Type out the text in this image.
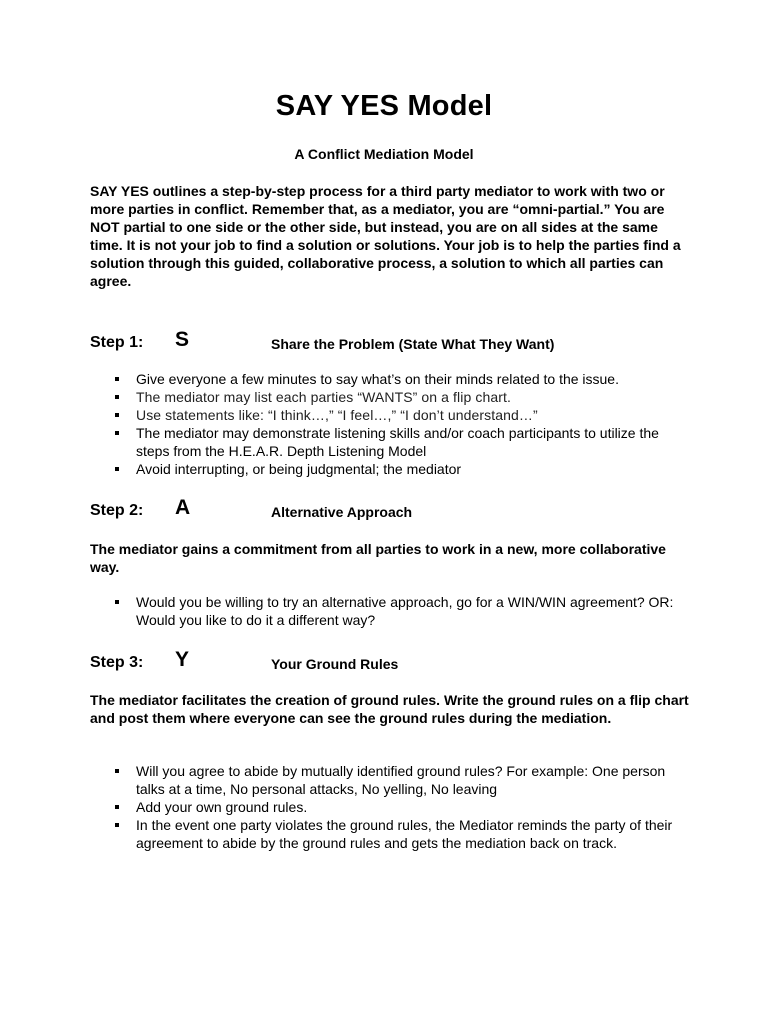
SAY YES Model
A Conflict Mediation Model

SAY YES outlines a step-by-step process for a third party mediator to work with two or more parties in conflict. Remember that, as a mediator, you are “omni-partial.” You are NOT partial to one side or the other side, but instead, you are on all sides at the same time. It is not your job to find a solution or solutions. Your job is to help the parties find a solution through this guided, collaborative process, a solution to which all parties can agree.

Step 1: S	Share the Problem (State What They Want)
Give everyone a few minutes to say what’s on their minds related to the issue.
The mediator may list each parties “WANTS” on a flip chart.
Use statements like: “I think…,” “I feel…,” “I don’t understand…”
The mediator may demonstrate listening skills and/or coach participants to utilize the steps from the H.E.A.R. Depth Listening Model
Avoid interrupting, or being judgmental; the mediator
Step 2: A	Alternative Approach

The mediator gains a commitment from all parties to work in a new, more collaborative way.

Would you be willing to try an alternative approach, go for a WIN/WIN agreement? OR: Would you like to do it a different way?
Step 3: Y	Your Ground Rules

The mediator facilitates the creation of ground rules. Write the ground rules on a flip chart and post them where everyone can see the ground rules during the mediation.

Will you agree to abide by mutually identified ground rules? For example: One person talks at a time, No personal attacks, No yelling, No leaving
Add your own ground rules.
In the event one party violates the ground rules, the Mediator reminds the party of their agreement to abide by the ground rules and gets the mediation back on track.
